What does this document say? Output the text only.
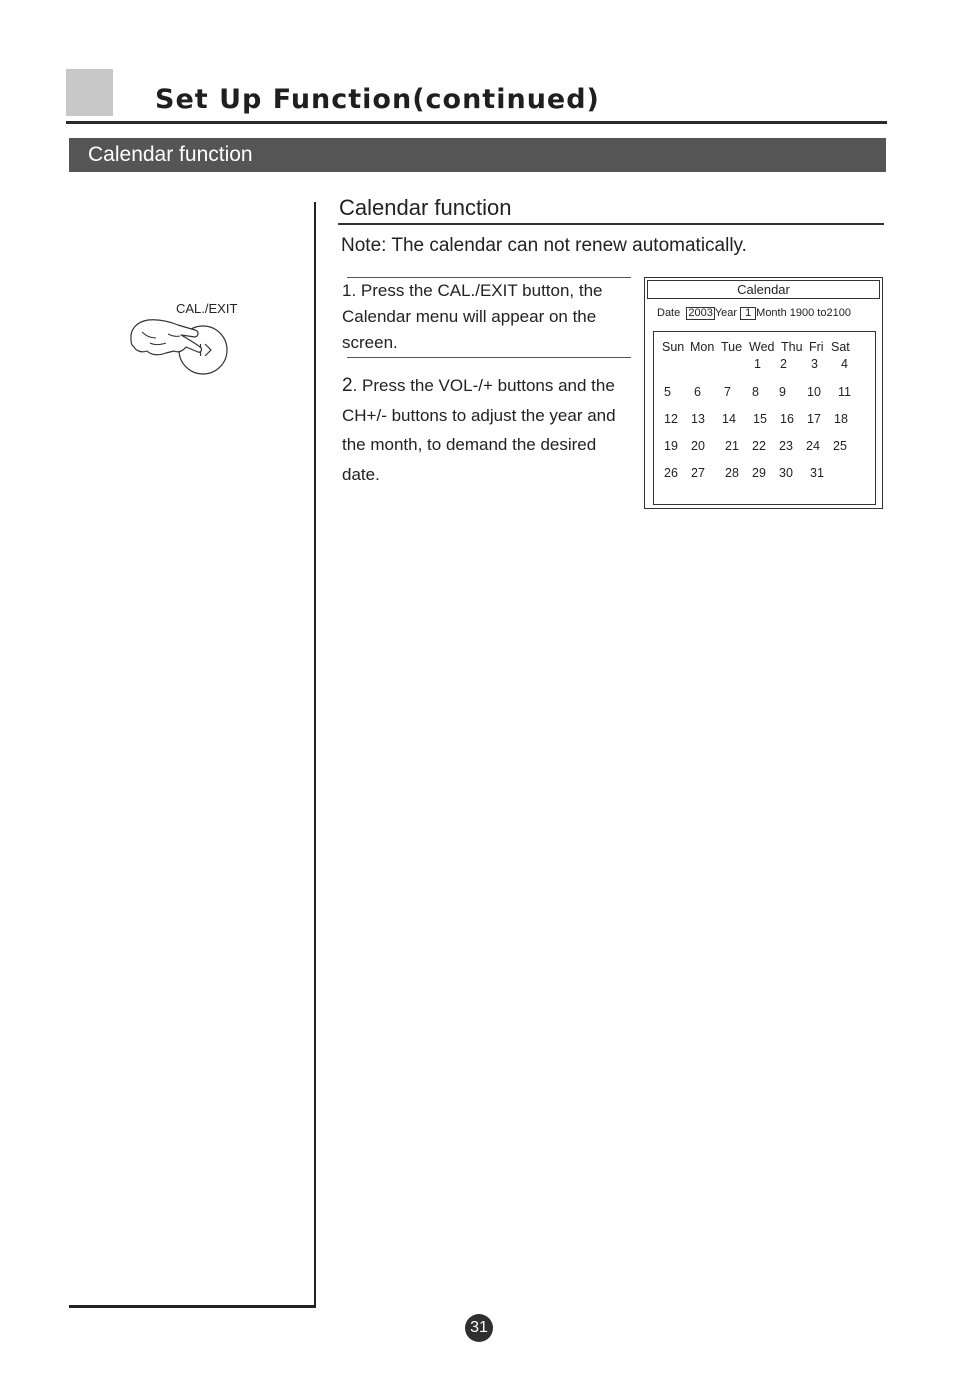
Set Up Function(continued)
Calendar function
CAL./EXIT
Calendar function
Note: The calendar can not renew automatically.
1. Press the CAL./EXIT button, the Calendar menu will appear on the screen.
2. Press the VOL-/+ buttons and the CH+/- buttons to adjust the year and the month, to demand the desired date.
Calendar
Date 2003 Year 1 Month 1900 to2100
Sun Mon Tue Wed Thu Fri Sat
1 2 3 4
5 6 7 8 9 10 11
12 13 14 15 16 17 18
19 20 21 22 23 24 25
26 27 28 29 30 31
31
